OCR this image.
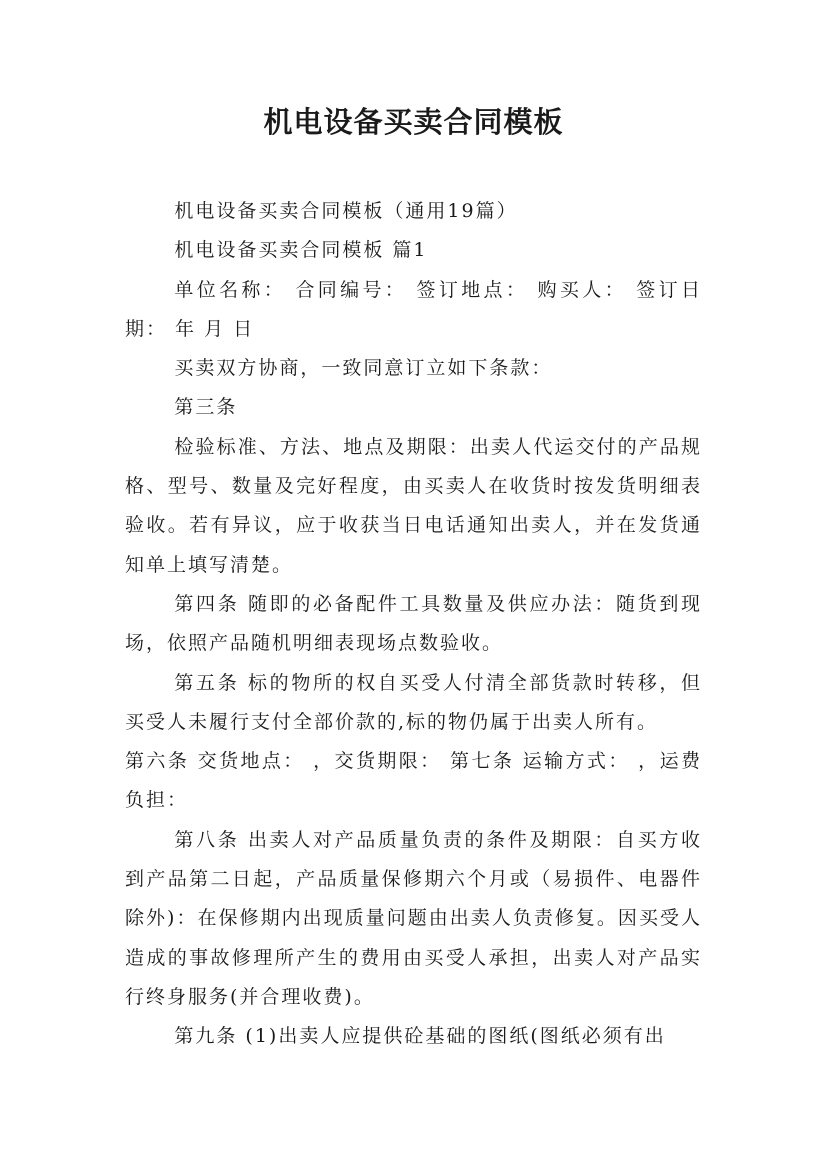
机电设备买卖合同模板

机电设备买卖合同模板（通用19篇）

机电设备买卖合同模板 篇1

单位名称： 合同编号： 签订地点： 购买人： 签订日期： 年 月 日

买卖双方协商，一致同意订立如下条款：

第三条

检验标准、方法、地点及期限：出卖人代运交付的产品规格、型号、数量及完好程度，由买卖人在收货时按发货明细表验收。若有异议，应于收获当日电话通知出卖人，并在发货通知单上填写清楚。

第四条 随即的必备配件工具数量及供应办法：随货到现场，依照产品随机明细表现场点数验收。

第五条 标的物所的权自买受人付清全部货款时转移，但买受人未履行支付全部价款的,标的物仍属于出卖人所有。

第六条 交货地点： ，交货期限： 第七条 运输方式： ，运费负担：

第八条 出卖人对产品质量负责的条件及期限：自买方收到产品第二日起，产品质量保修期六个月或（易损件、电器件除外)：在保修期内出现质量问题由出卖人负责修复。因买受人造成的事故修理所产生的费用由买受人承担，出卖人对产品实行终身服务(并合理收费)。

第九条 (1)出卖人应提供砼基础的图纸(图纸必须有出
